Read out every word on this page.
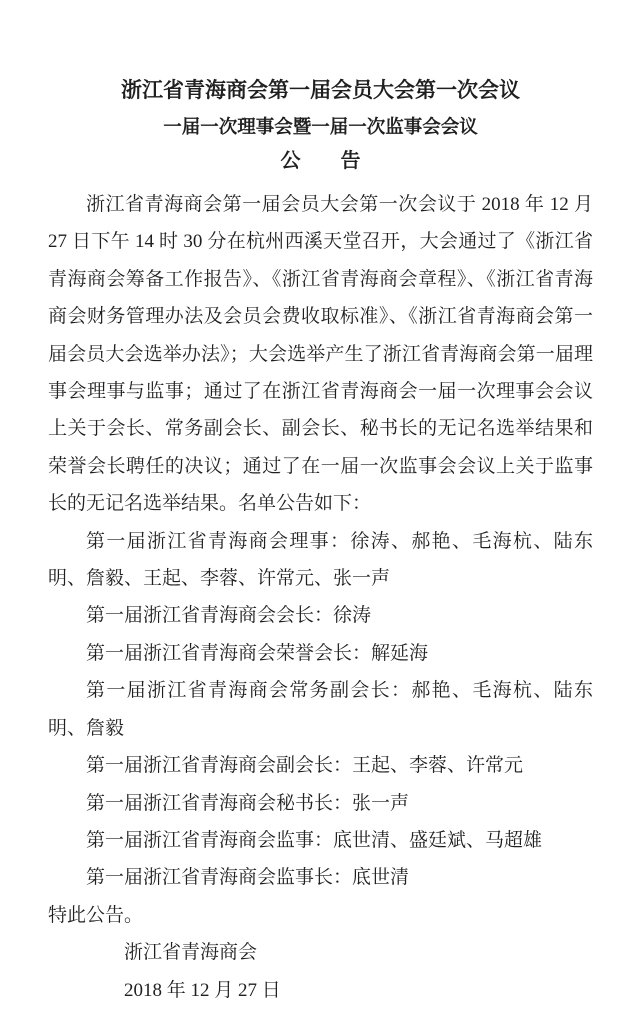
浙江省青海商会第一届会员大会第一次会议
一届一次理事会暨一届一次监事会会议
公告

浙江省青海商会第一届会员大会第一次会议于 2018 年 12 月 27 日下午 14 时 30 分在杭州西溪天堂召开，大会通过了《浙江省青海商会筹备工作报告》、《浙江省青海商会章程》、《浙江省青海商会财务管理办法及会员会费收取标准》、《浙江省青海商会第一届会员大会选举办法》；大会选举产生了浙江省青海商会第一届理事会理事与监事；通过了在浙江省青海商会一届一次理事会会议上关于会长、常务副会长、副会长、秘书长的无记名选举结果和荣誉会长聘任的决议；通过了在一届一次监事会会议上关于监事长的无记名选举结果。名单公告如下：

第一届浙江省青海商会理事：徐涛、郝艳、毛海杭、陆东明、詹毅、王起、李蓉、许常元、张一声

第一届浙江省青海商会会长：徐涛

第一届浙江省青海商会荣誉会长：解延海

第一届浙江省青海商会常务副会长：郝艳、毛海杭、陆东明、詹毅

第一届浙江省青海商会副会长：王起、李蓉、许常元

第一届浙江省青海商会秘书长：张一声

第一届浙江省青海商会监事：底世清、盛廷斌、马超雄

第一届浙江省青海商会监事长：底世清

特此公告。

浙江省青海商会

2018 年 12 月 27 日
